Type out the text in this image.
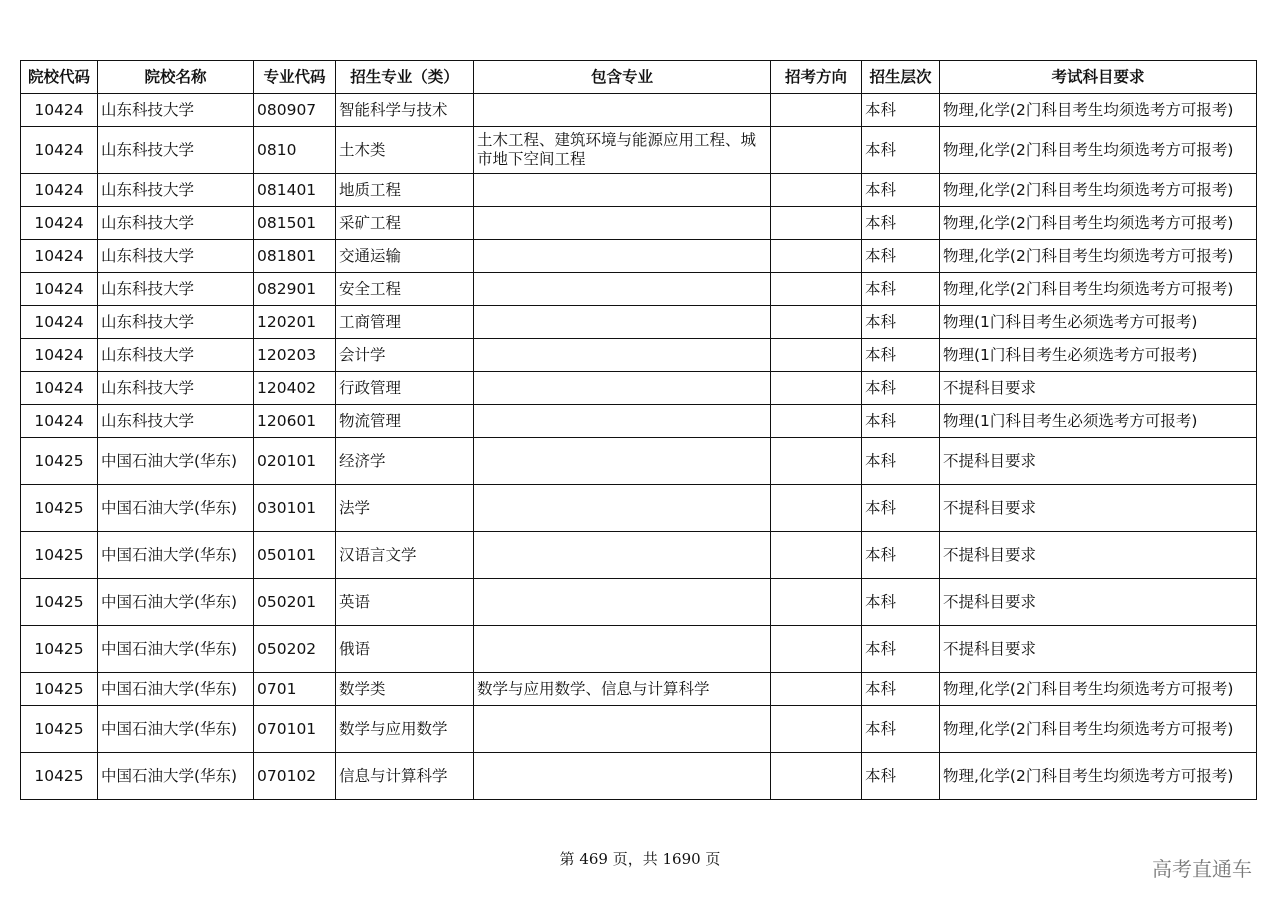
院校代码	院校名称	专业代码	招生专业（类）	包含专业	招考方向	招生层次	考试科目要求
10424	山东科技大学	080907	智能科学与技术			本科	物理,化学(2门科目考生均须选考方可报考)
10424	山东科技大学	0810	土木类	土木工程、建筑环境与能源应用工程、城市地下空间工程		本科	物理,化学(2门科目考生均须选考方可报考)
10424	山东科技大学	081401	地质工程			本科	物理,化学(2门科目考生均须选考方可报考)
10424	山东科技大学	081501	采矿工程			本科	物理,化学(2门科目考生均须选考方可报考)
10424	山东科技大学	081801	交通运输			本科	物理,化学(2门科目考生均须选考方可报考)
10424	山东科技大学	082901	安全工程			本科	物理,化学(2门科目考生均须选考方可报考)
10424	山东科技大学	120201	工商管理			本科	物理(1门科目考生必须选考方可报考)
10424	山东科技大学	120203	会计学			本科	物理(1门科目考生必须选考方可报考)
10424	山东科技大学	120402	行政管理			本科	不提科目要求
10424	山东科技大学	120601	物流管理			本科	物理(1门科目考生必须选考方可报考)
10425	中国石油大学(华东)	020101	经济学			本科	不提科目要求
10425	中国石油大学(华东)	030101	法学			本科	不提科目要求
10425	中国石油大学(华东)	050101	汉语言文学			本科	不提科目要求
10425	中国石油大学(华东)	050201	英语			本科	不提科目要求
10425	中国石油大学(华东)	050202	俄语			本科	不提科目要求
10425	中国石油大学(华东)	0701	数学类	数学与应用数学、信息与计算科学		本科	物理,化学(2门科目考生均须选考方可报考)
10425	中国石油大学(华东)	070101	数学与应用数学			本科	物理,化学(2门科目考生均须选考方可报考)
10425	中国石油大学(华东)	070102	信息与计算科学			本科	物理,化学(2门科目考生均须选考方可报考)
第 469 页，共 1690 页	高考直通车
